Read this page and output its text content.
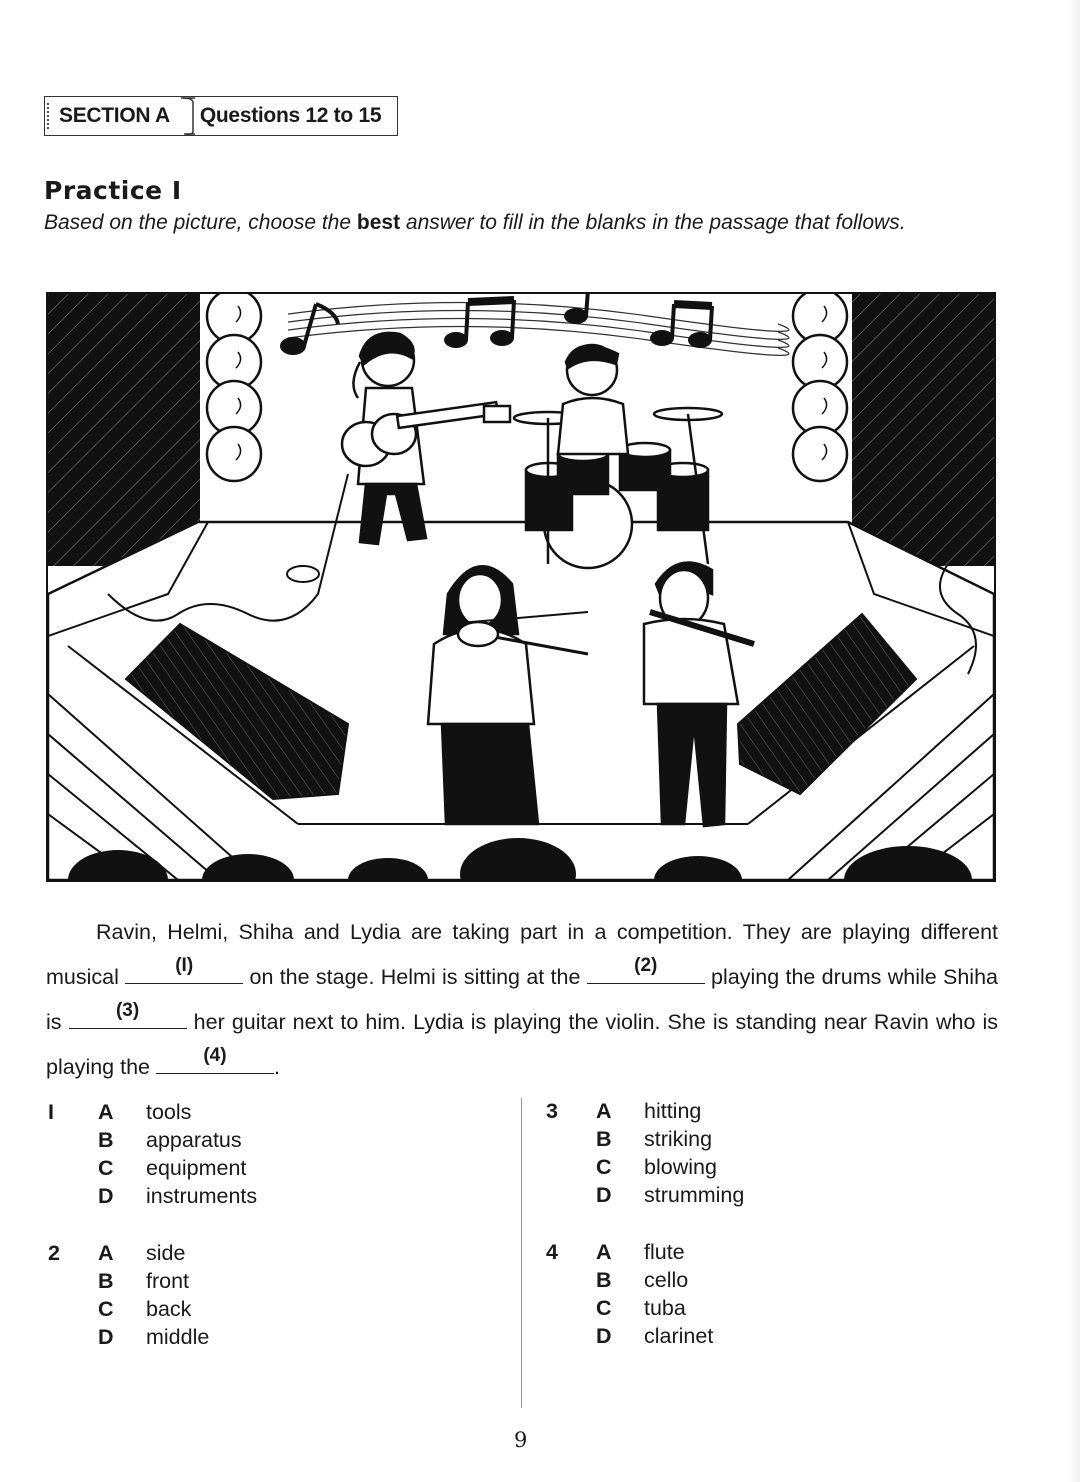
SECTION A	Questions 12 to 15
Practice I
Based on the picture, choose the best answer to fill in the blanks in the passage that follows.

Ravin, Helmi, Shiha and Lydia are taking part in a competition. They are playing different musical	(I)	on the stage. Helmi is sitting at the	(2)	playing the drums while Shiha is	(3)	her guitar next to him. Lydia is playing the violin. She is standing near Ravin who is playing the	(4)	.

I A tools
B apparatus
C equipment
D instruments
2 A side
B front
C back
D middle
3 A hitting
B striking
C blowing
D strumming
4 A flute
B cello
C tuba
D clarinet
9
